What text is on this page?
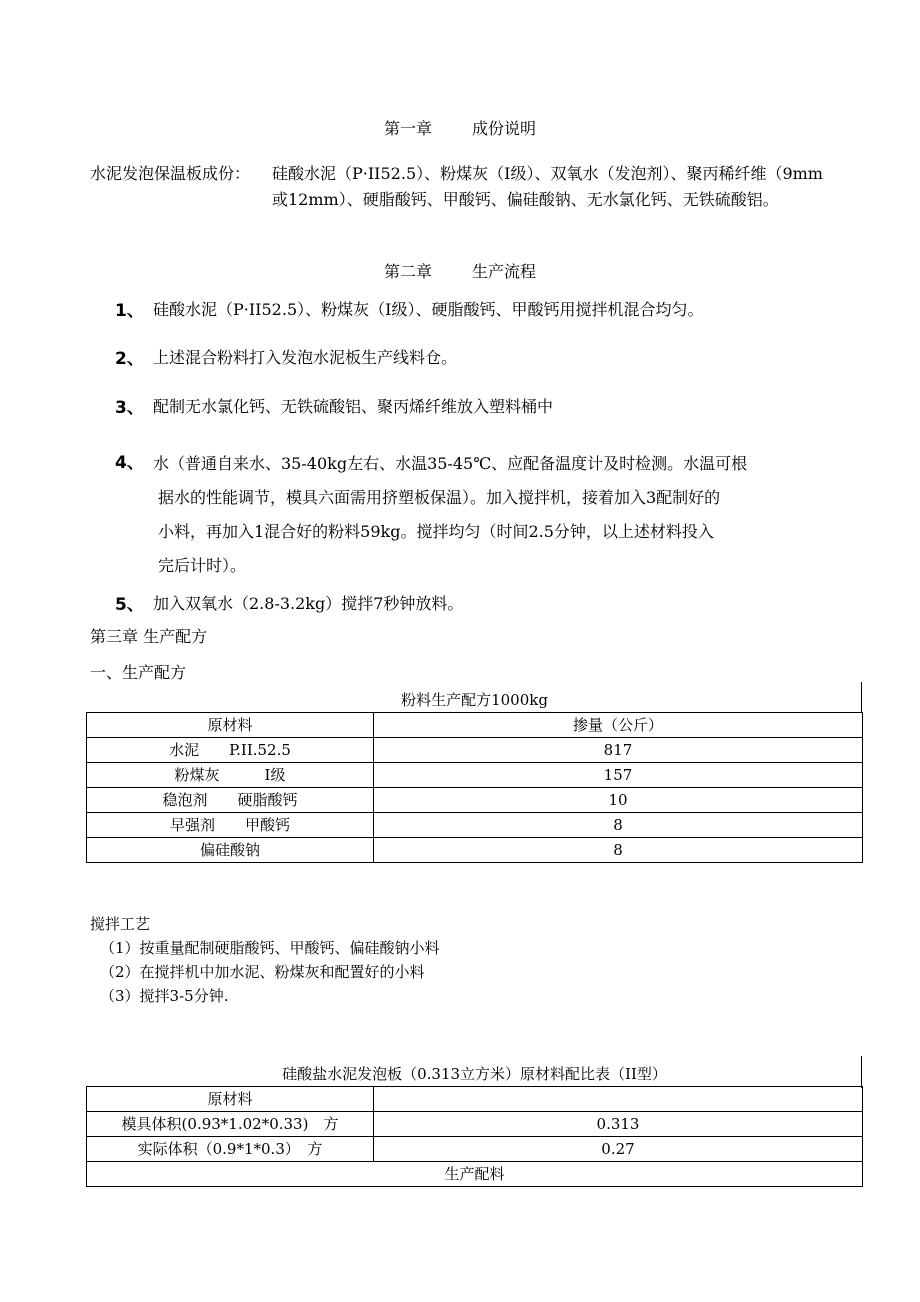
第一章	成份说明
水泥发泡保温板成份： 硅酸水泥（P·II52.5）、粉煤灰（I级）、双氧水（发泡剂）、聚丙稀纤维（9mm或12mm）、硬脂酸钙、甲酸钙、偏硅酸钠、无水氯化钙、无铁硫酸铝。
第二章	生产流程
1、 硅酸水泥（P·II52.5）、粉煤灰（I级）、硬脂酸钙、甲酸钙用搅拌机混合均匀。
2、 上述混合粉料打入发泡水泥板生产线料仓。
3、 配制无水氯化钙、无铁硫酸铝、聚丙烯纤维放入塑料桶中
4、 水（普通自来水、35-40kg左右、水温35-45℃、应配备温度计及时检测。水温可根
据水的性能调节，模具六面需用挤塑板保温）。加入搅拌机，接着加入3配制好的
小料，再加入1混合好的粉料59kg。搅拌均匀（时间2.5分钟，以上述材料投入
完后计时）。
5、 加入双氧水（2.8-3.2kg）搅拌7秒钟放料。
第三章 生产配方
一、生产配方
粉料生产配方1000kg	
原材料	掺量（公斤）
水泥　　P.II.52.5	817
粉煤灰　　　I级	157
稳泡剂　　硬脂酸钙	10
早强剂　　甲酸钙	8
偏硅酸钠	8
搅拌工艺
（1）按重量配制硬脂酸钙、甲酸钙、偏硅酸钠小料
（2）在搅拌机中加水泥、粉煤灰和配置好的小料
（3）搅拌3-5分钟.
硅酸盐水泥发泡板（0.313立方米）原材料配比表（II型）	
原材料	
模具体积(0.93*1.02*0.33)　方	0.313
实际体积（0.9*1*0.3）　方	0.27
生产配料	
